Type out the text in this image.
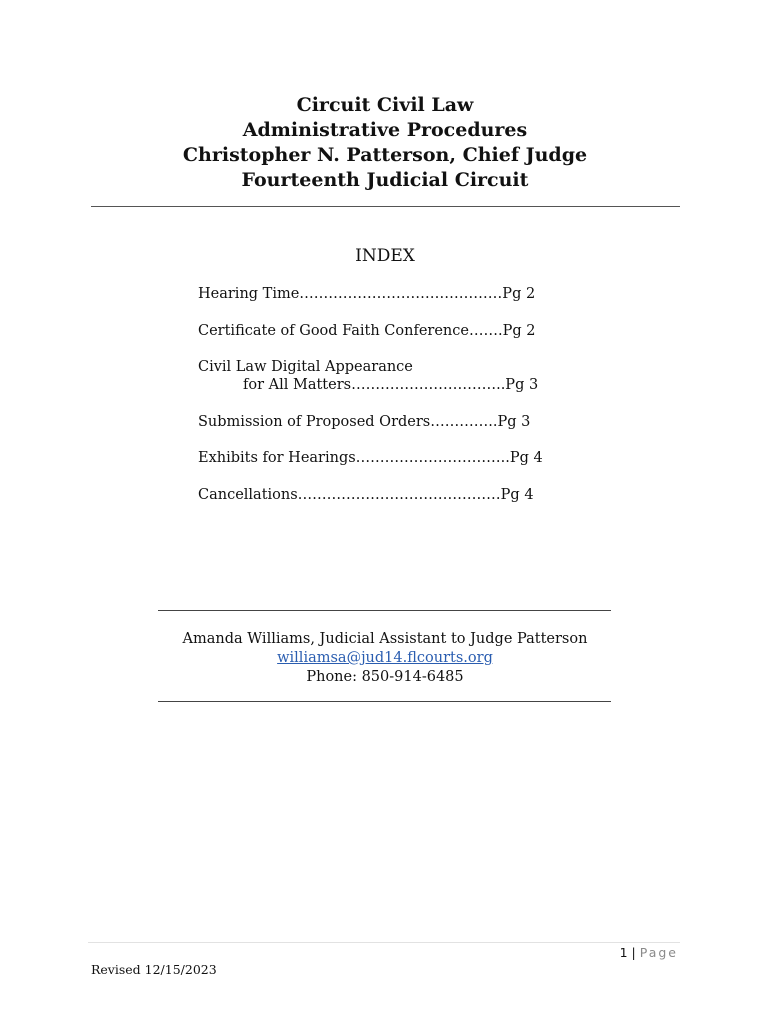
Circuit Civil Law
Administrative Procedures
Christopher N. Patterson, Chief Judge
Fourteenth Judicial Circuit
INDEX
Hearing Time……………………………………Pg 2
Certificate of Good Faith Conference…….Pg 2
Civil Law Digital Appearance
for All Matters…………………………..Pg 3
Submission of Proposed Orders…………..Pg 3
Exhibits for Hearings…………………………..Pg 4
Cancellations……………………………………Pg 4
Amanda Williams, Judicial Assistant to Judge Patterson
williamsa@jud14.flcourts.org
Phone: 850-914-6485
1 | Page
Revised 12/15/2023
